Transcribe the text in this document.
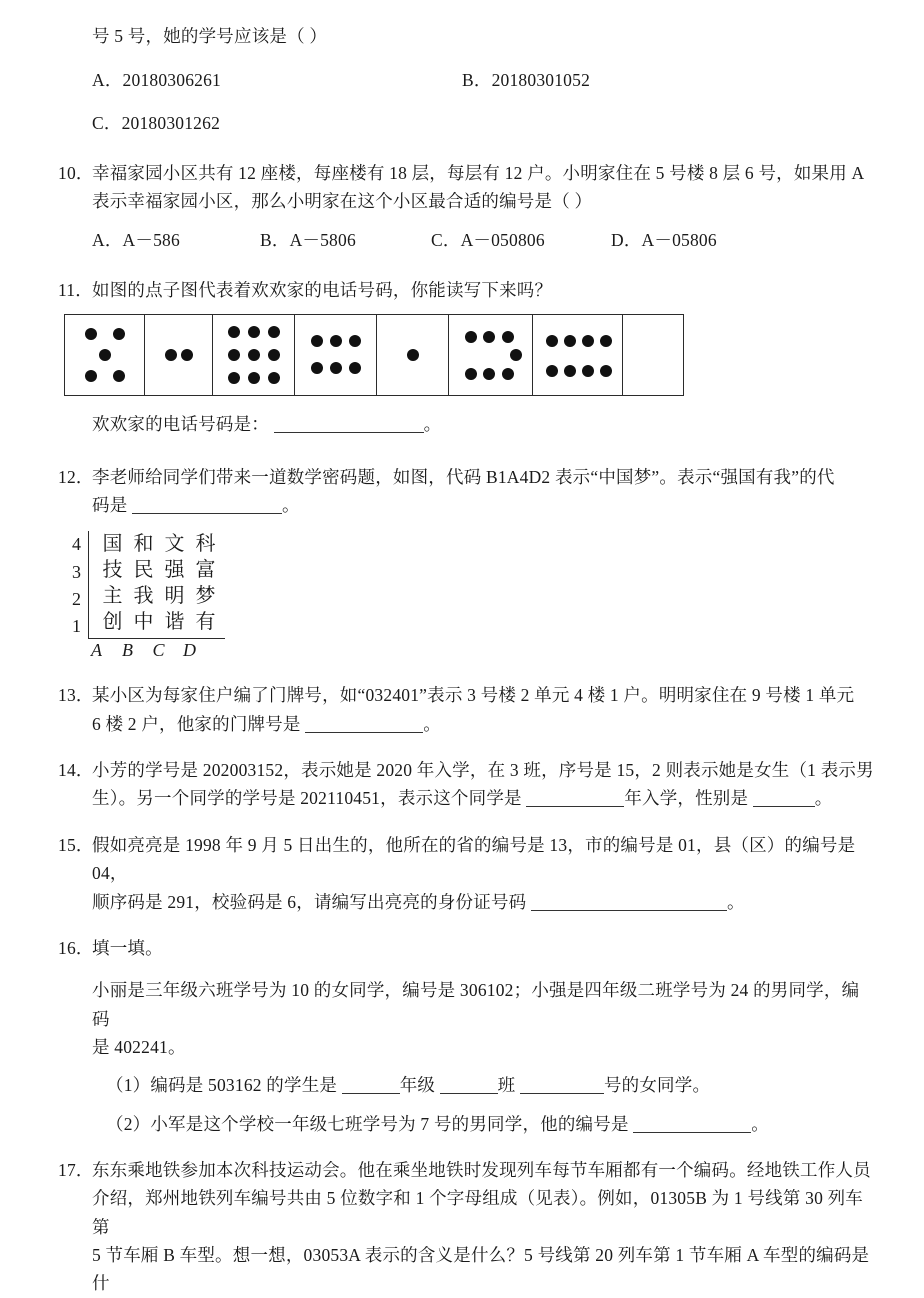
号 5 号，她的学号应该是（ ）
A．20180306261	B．20180301052
C．20180301262
10．
幸福家园小区共有 12 座楼，每座楼有 18 层，每层有 12 户。小明家住在 5 号楼 8 层 6 号，如果用 A
表示幸福家园小区，那么小明家在这个小区最合适的编号是（ ）
A．A－586	B．A－5806	C．A－050806	D．A－05806
11． 如图的点子图代表着欢欢家的电话号码，你能读写下来吗？
欢欢家的电话号码是：	。
12．
李老师给同学们带来一道数学密码题，如图，代码 B1A4D2 表示“中国梦”。表示“强国有我”的代
码是	。
4
3
2
1
国 和 文 科
技 民 强 富
主 我 明 梦
创 中 谐 有
A	B	C	D
13．
某小区为每家住户编了门牌号，如“032401”表示 3 号楼 2 单元 4 楼 1 户。明明家住在 9 号楼 1 单元
6 楼 2 户，他家的门牌号是	。
14．
小芳的学号是 202003152，表示她是 2020 年入学，在 3 班，序号是 15，2 则表示她是女生（1 表示男
生）。另一个同学的学号是 202110451，表示这个同学是	年入学，性别是	。
15．
假如亮亮是 1998 年 9 月 5 日出生的，他所在的省的编号是 13，市的编号是 01，县（区）的编号是 04，
顺序码是 291，校验码是 6，请编写出亮亮的身份证号码	。
16．
填一填。
小丽是三年级六班学号为 10 的女同学，编号是 306102；小强是四年级二班学号为 24 的男同学，编码
是 402241。
（1）编码是 503162 的学生是	年级	班	号的女同学。
（2）小军是这个学校一年级七班学号为 7 号的男同学，他的编号是	。
17．
东东乘地铁参加本次科技运动会。他在乘坐地铁时发现列车每节车厢都有一个编码。经地铁工作人员
介绍，郑州地铁列车编号共由 5 位数字和 1 个字母组成（见表）。例如，01305B 为 1 号线第 30 列车第
5 节车厢 B 车型。想一想，03053A 表示的含义是什么？5 号线第 20 列车第 1 节车厢 A 车型的编码是什
